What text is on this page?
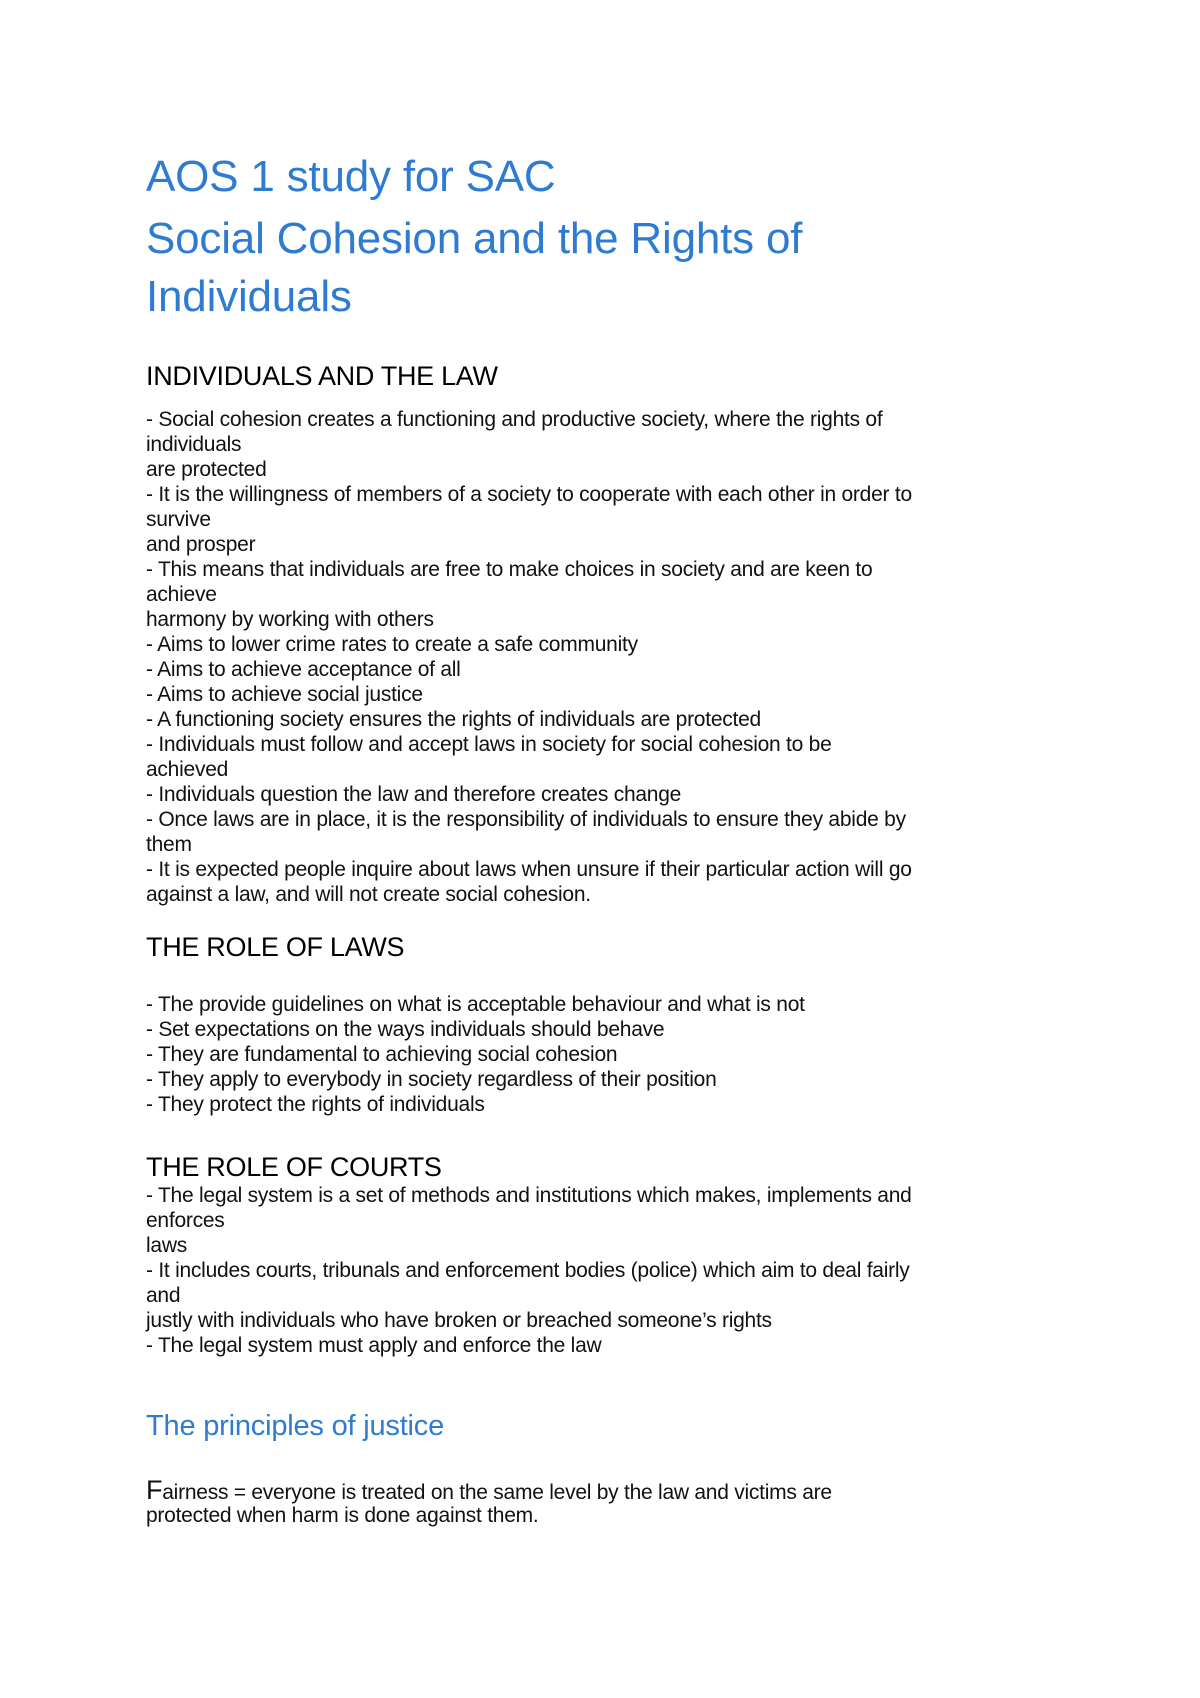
AOS 1 study for SAC
Social Cohesion and the Rights of Individuals
INDIVIDUALS AND THE LAW
- Social cohesion creates a functioning and productive society, where the rights of
individuals
are protected
- It is the willingness of members of a society to cooperate with each other in order to
survive
and prosper
- This means that individuals are free to make choices in society and are keen to
achieve
harmony by working with others
- Aims to lower crime rates to create a safe community
- Aims to achieve acceptance of all
- Aims to achieve social justice
- A functioning society ensures the rights of individuals are protected
- Individuals must follow and accept laws in society for social cohesion to be
achieved
- Individuals question the law and therefore creates change
- Once laws are in place, it is the responsibility of individuals to ensure they abide by
them
- It is expected people inquire about laws when unsure if their particular action will go
against a law, and will not create social cohesion.
THE ROLE OF LAWS
- The provide guidelines on what is acceptable behaviour and what is not
- Set expectations on the ways individuals should behave
- They are fundamental to achieving social cohesion
- They apply to everybody in society regardless of their position
- They protect the rights of individuals
THE ROLE OF COURTS
- The legal system is a set of methods and institutions which makes, implements and
enforces
laws
- It includes courts, tribunals and enforcement bodies (police) which aim to deal fairly
and
justly with individuals who have broken or breached someone’s rights
- The legal system must apply and enforce the law
The principles of justice
Fairness = everyone is treated on the same level by the law and victims are
protected when harm is done against them.
